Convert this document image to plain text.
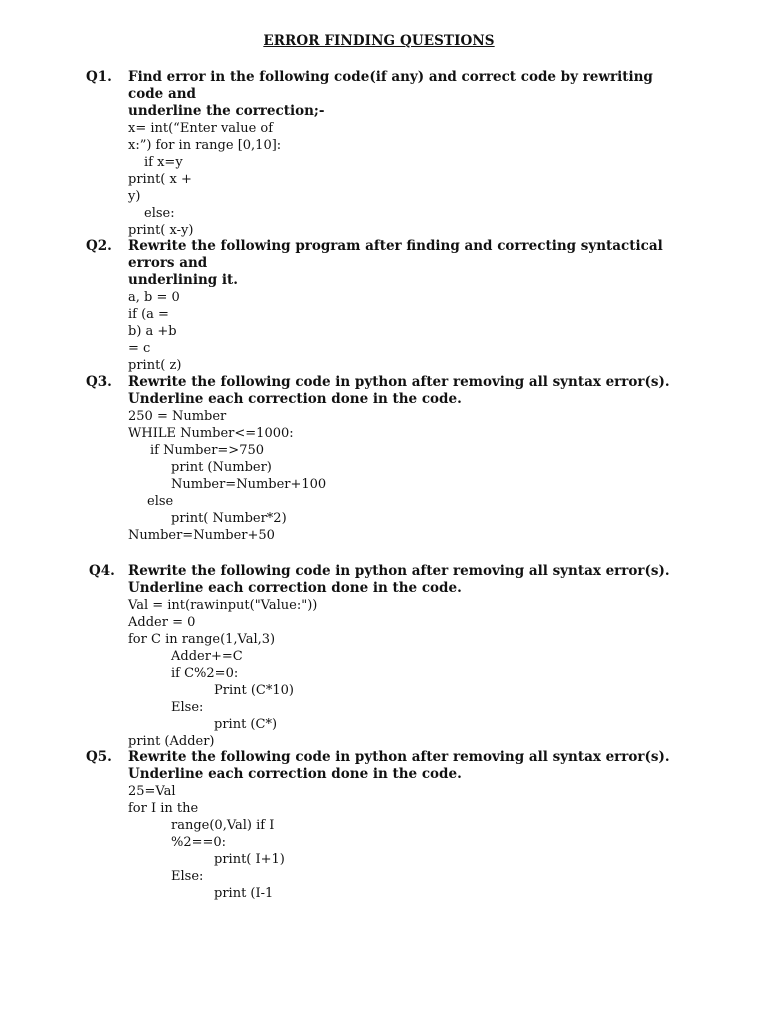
ERROR FINDING QUESTIONS
Q1. Find error in the following code(if any) and correct code by rewriting code and
underline the correction;-

x= int(“Enter value of
x:”) for in range [0,10]:
if x=y
print( x +
y)
else:
print( x-y)
Q2. Rewrite the following program after finding and correcting syntactical errors and
underlining it.

a, b = 0
if (a =
b) a +b
= c
print( z)
Q3. Rewrite the following code in python after removing all syntax error(s).
Underline each correction done in the code.

250 = Number
WHILE Number<=1000:
if Number=>750
print (Number)
Number=Number+100
else
print( Number*2)
Number=Number+50
Q4. Rewrite the following code in python after removing all syntax error(s).
Underline each correction done in the code.

Val = int(rawinput("Value:"))
Adder = 0
for C in range(1,Val,3)
Adder+=C
if C%2=0:
Print (C*10)
Else:
print (C*)
print (Adder)
Q5. Rewrite the following code in python after removing all syntax error(s).
Underline each correction done in the code.

25=Val
for I in the
range(0,Val) if I
%2==0:
print( I+1)
Else:
print (I-1
